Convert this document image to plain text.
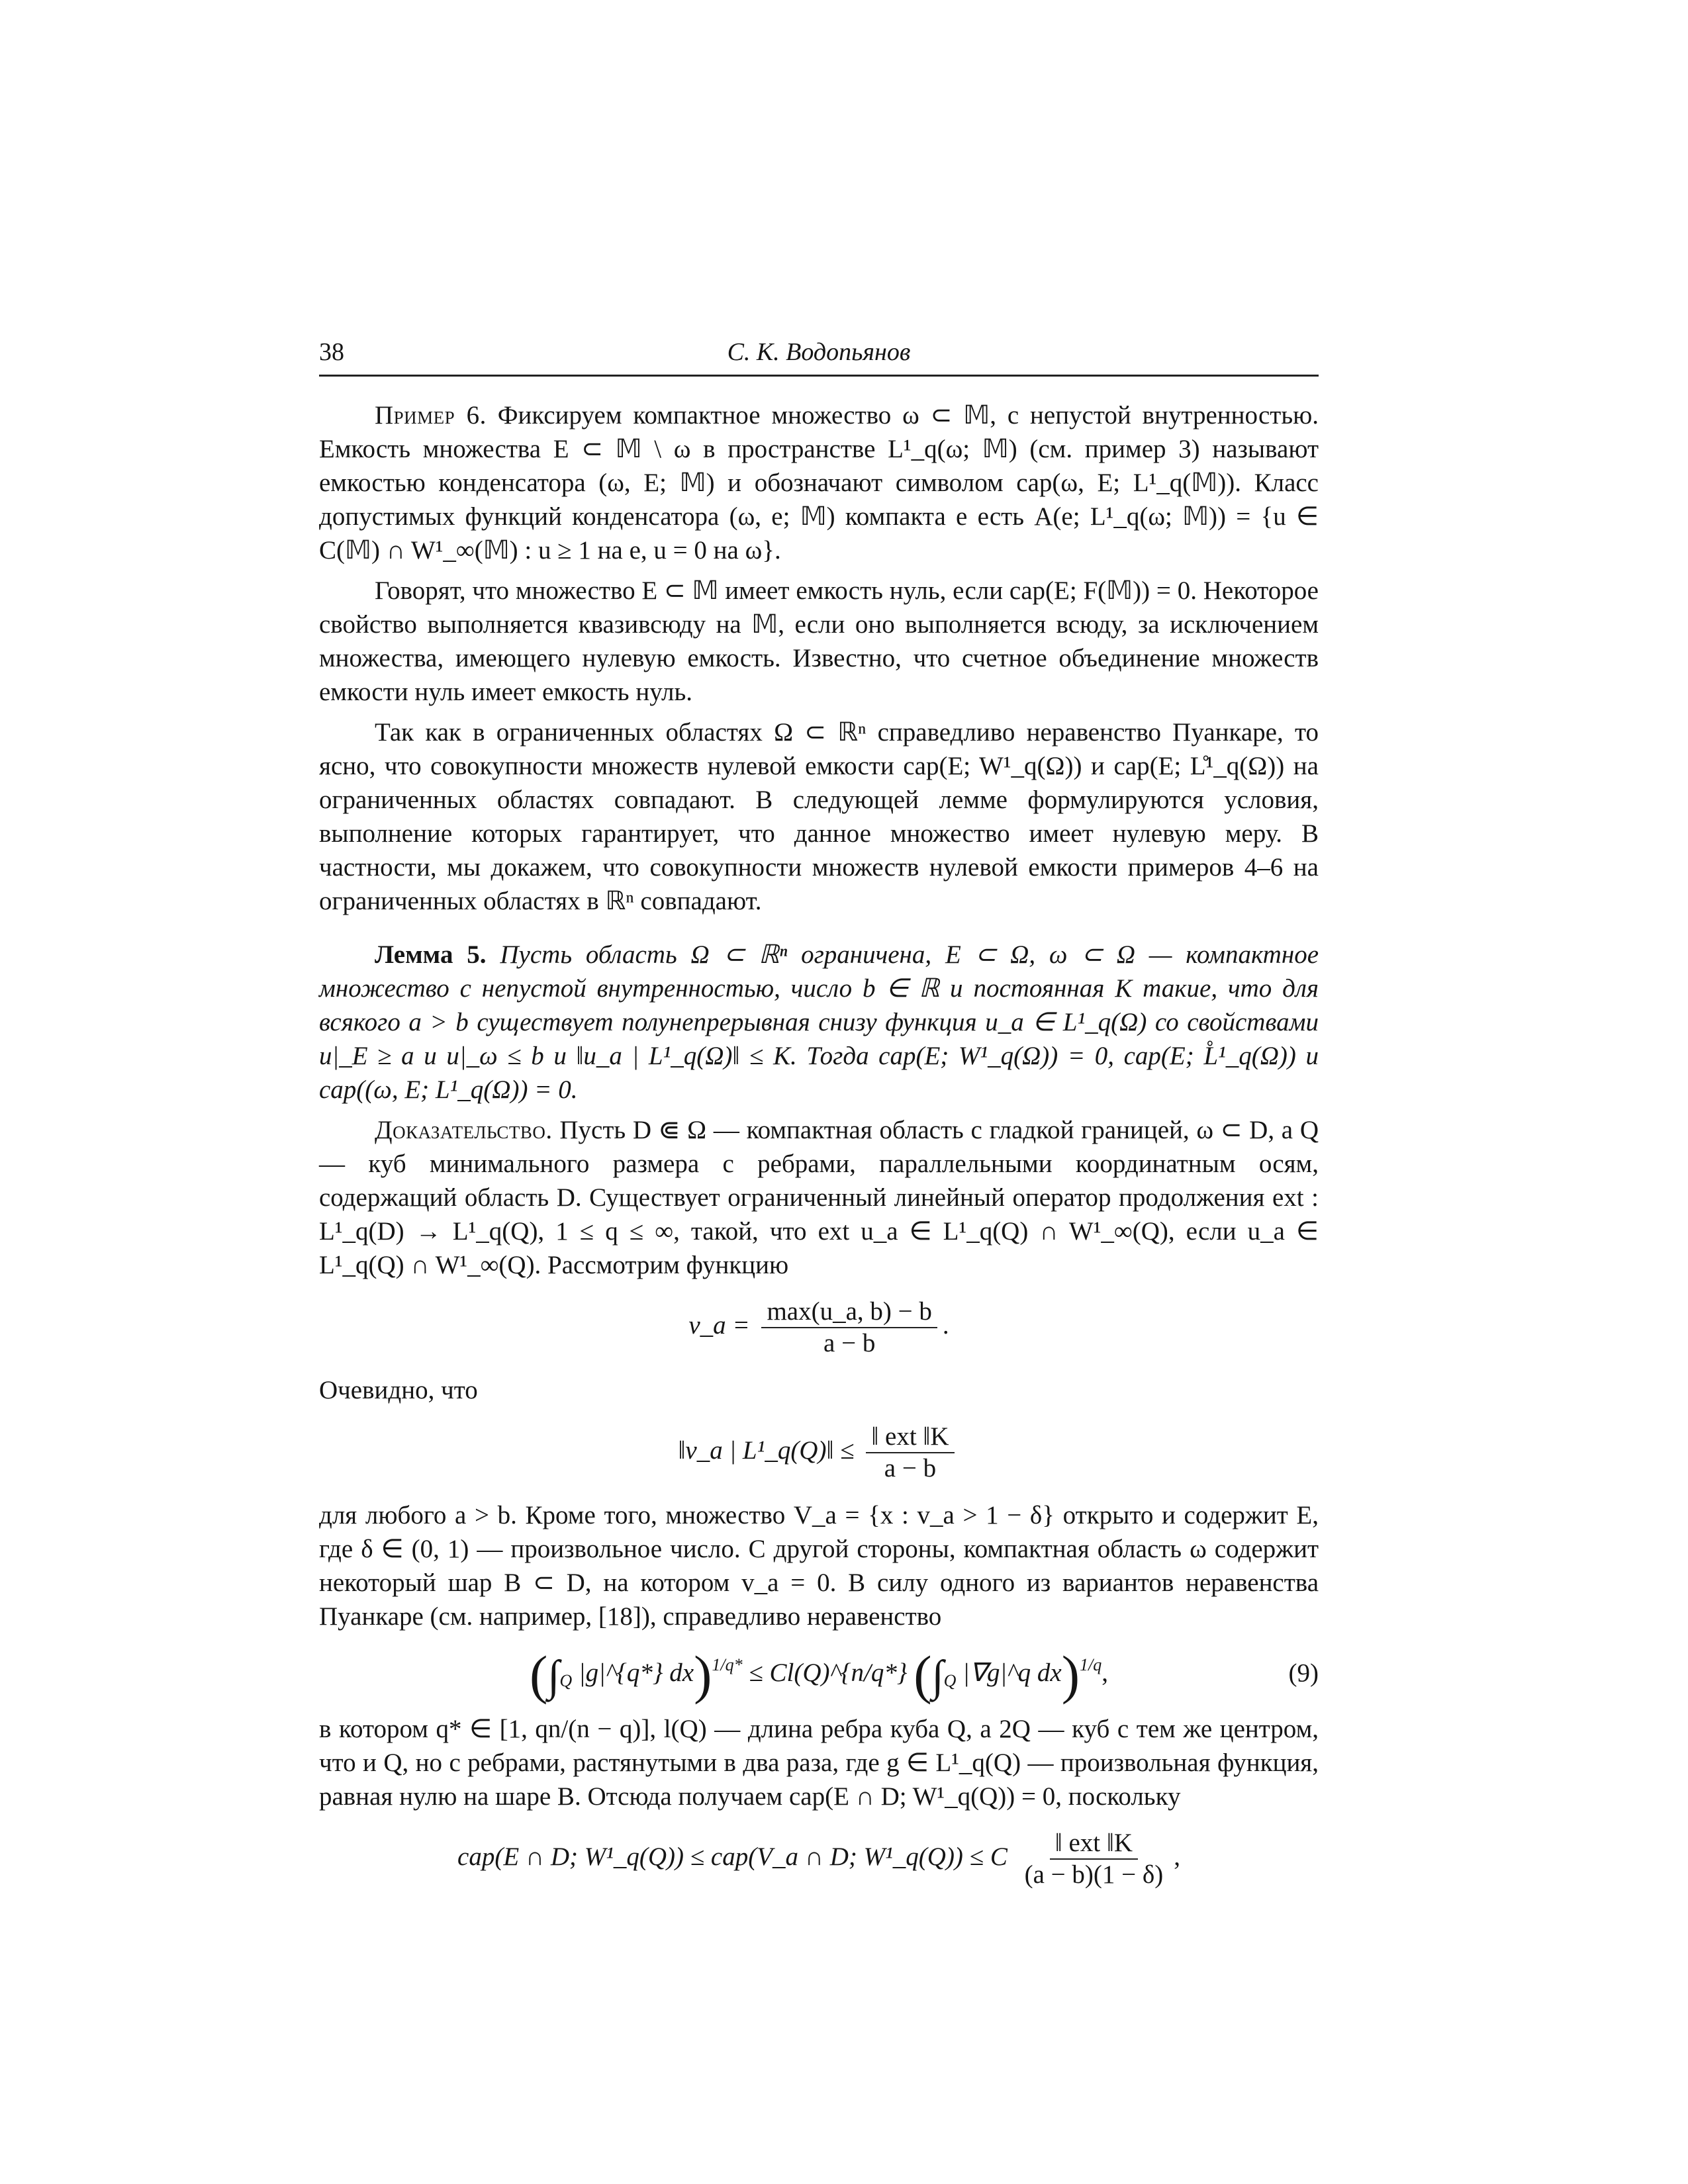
38	С. К. Водопьянов

Пример 6. Фиксируем компактное множество ω ⊂ 𝕄, с непустой внутренностью. Емкость множества E ⊂ 𝕄 \ ω в пространстве L¹_q(ω; 𝕄) (см. пример 3) называют емкостью конденсатора (ω, E; 𝕄) и обозначают символом cap(ω, E; L¹_q(𝕄)). Класс допустимых функций конденсатора (ω, e; 𝕄) компакта e есть A(e; L¹_q(ω; 𝕄)) = {u ∈ C(𝕄) ∩ W¹_∞(𝕄) : u ≥ 1 на e, u = 0 на ω}.

Говорят, что множество E ⊂ 𝕄 имеет емкость нуль, если cap(E; F(𝕄)) = 0. Некоторое свойство выполняется квазивсюду на 𝕄, если оно выполняется всюду, за исключением множества, имеющего нулевую емкость. Известно, что счетное объединение множеств емкости нуль имеет емкость нуль.

Так как в ограниченных областях Ω ⊂ ℝⁿ справедливо неравенство Пуанкаре, то ясно, что совокупности множеств нулевой емкости cap(E; W¹_q(Ω)) и cap(E; L̊¹_q(Ω)) на ограниченных областях совпадают. В следующей лемме формулируются условия, выполнение которых гарантирует, что данное множество имеет нулевую меру. В частности, мы докажем, что совокупности множеств нулевой емкости примеров 4–6 на ограниченных областях в ℝⁿ совпадают.

Лемма 5. Пусть область Ω ⊂ ℝⁿ ограничена, E ⊂ Ω, ω ⊂ Ω — компактное множество с непустой внутренностью, число b ∈ ℝ и постоянная K такие, что для всякого a > b существует полунепрерывная снизу функция u_a ∈ L¹_q(Ω) со свойствами u|_E ≥ a и u|_ω ≤ b и ‖u_a | L¹_q(Ω)‖ ≤ K. Тогда cap(E; W¹_q(Ω)) = 0, cap(E; L̊¹_q(Ω)) и cap((ω, E; L¹_q(Ω)) = 0.

Доказательство. Пусть D ⋐ Ω — компактная область с гладкой границей, ω ⊂ D, а Q — куб минимального размера с ребрами, параллельными координатным осям, содержащий область D. Существует ограниченный линейный оператор продолжения ext : L¹_q(D) → L¹_q(Q), 1 ≤ q ≤ ∞, такой, что ext u_a ∈ L¹_q(Q) ∩ W¹_∞(Q), если u_a ∈ L¹_q(Q) ∩ W¹_∞(Q). Рассмотрим функцию

v_a = $\frac{\max(u\_a, b) - b}{a - b}$ .

Очевидно, что

‖v_a | L¹_q(Q)‖ ≤ $\frac{\text{‖ ext ‖K}}{a - b}$

для любого a > b. Кроме того, множество V_a = {x : v_a > 1 − δ} открыто и содержит E, где δ ∈ (0, 1) — произвольное число. С другой стороны, компактная область ω содержит некоторый шар B ⊂ D, на котором v_a = 0. В силу одного из вариантов неравенства Пуанкаре (см. например, [18]), справедливо неравенство

($\int_Q$ |g|^{q*} dx)$^{1/q*}$ ≤ Cl(Q)^{n/q*} ($\int_Q$ |∇g|^q dx)$^{1/q}$,	(9)

в котором q* ∈ [1, qn/(n − q)], l(Q) — длина ребра куба Q, а 2Q — куб с тем же центром, что и Q, но с ребрами, растянутыми в два раза, где g ∈ L¹_q(Q) — произвольная функция, равная нулю на шаре B. Отсюда получаем cap(E ∩ D; W¹_q(Q)) = 0, поскольку

cap(E ∩ D; W¹_q(Q)) ≤ cap(V_a ∩ D; W¹_q(Q)) ≤ C $\frac{\text{‖ ext ‖K}}{(a - b)(1 - \delta)}$ ,
